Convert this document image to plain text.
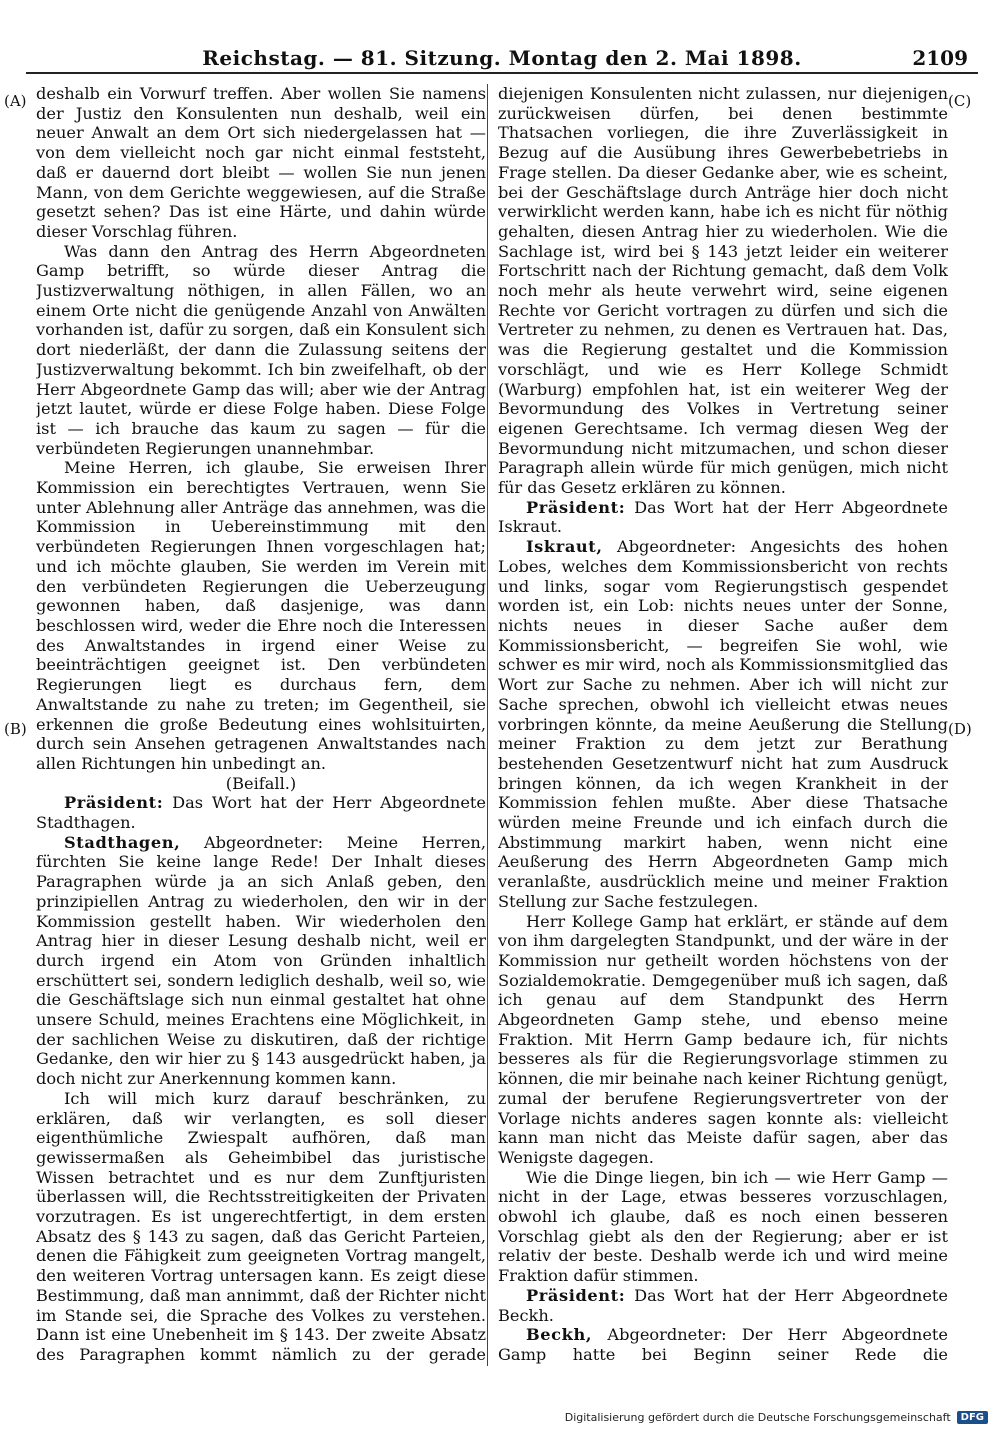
Reichstag. — 81. Sitzung. Montag den 2. Mai 1898.	2109
(A)
(B)
(C)
(D)

deshalb ein Vorwurf treffen. Aber wollen Sie namens der Justiz den Konsulenten nun deshalb, weil ein neuer Anwalt an dem Ort sich niedergelassen hat — von dem vielleicht noch gar nicht einmal feststeht, daß er dauernd dort bleibt — wollen Sie nun jenen Mann, von dem Gerichte weggewiesen, auf die Straße gesetzt sehen? Das ist eine Härte, und dahin würde dieser Vorschlag führen.

Was dann den Antrag des Herrn Abgeordneten Gamp betrifft, so würde dieser Antrag die Justizverwaltung nöthigen, in allen Fällen, wo an einem Orte nicht die genügende Anzahl von Anwälten vorhanden ist, dafür zu sorgen, daß ein Konsulent sich dort niederläßt, der dann die Zulassung seitens der Justizverwaltung bekommt. Ich bin zweifelhaft, ob der Herr Abgeordnete Gamp das will; aber wie der Antrag jetzt lautet, würde er diese Folge haben. Diese Folge ist — ich brauche das kaum zu sagen — für die verbündeten Regierungen unannehmbar.

Meine Herren, ich glaube, Sie erweisen Ihrer Kommission ein berechtigtes Vertrauen, wenn Sie unter Ablehnung aller Anträge das annehmen, was die Kommission in Uebereinstimmung mit den verbündeten Regierungen Ihnen vorgeschlagen hat; und ich möchte glauben, Sie werden im Verein mit den verbündeten Regierungen die Ueberzeugung gewonnen haben, daß dasjenige, was dann beschlossen wird, weder die Ehre noch die Interessen des Anwaltstandes in irgend einer Weise zu beeinträchtigen geeignet ist. Den verbündeten Regierungen liegt es durchaus fern, dem Anwaltstande zu nahe zu treten; im Gegentheil, sie erkennen die große Bedeutung eines wohlsituirten, durch sein Ansehen getragenen Anwaltstandes nach allen Richtungen hin unbedingt an.

(Beifall.)

Präsident: Das Wort hat der Herr Abgeordnete Stadthagen.

Stadthagen, Abgeordneter: Meine Herren, fürchten Sie keine lange Rede! Der Inhalt dieses Paragraphen würde ja an sich Anlaß geben, den prinzipiellen Antrag zu wiederholen, den wir in der Kommission gestellt haben. Wir wiederholen den Antrag hier in dieser Lesung deshalb nicht, weil er durch irgend ein Atom von Gründen inhaltlich erschüttert sei, sondern lediglich deshalb, weil so, wie die Geschäftslage sich nun einmal gestaltet hat ohne unsere Schuld, meines Erachtens eine Möglichkeit, in der sachlichen Weise zu diskutiren, daß der richtige Gedanke, den wir hier zu § 143 ausgedrückt haben, ja doch nicht zur Anerkennung kommen kann.

Ich will mich kurz darauf beschränken, zu erklären, daß wir verlangten, es soll dieser eigenthümliche Zwiespalt aufhören, daß man gewissermaßen als Geheimbibel das juristische Wissen betrachtet und es nur dem Zunftjuristen überlassen will, die Rechtsstreitigkeiten der Privaten vorzutragen. Es ist ungerechtfertigt, in dem ersten Absatz des § 143 zu sagen, daß das Gericht Parteien, denen die Fähigkeit zum geeigneten Vortrag mangelt, den weiteren Vortrag untersagen kann. Es zeigt diese Bestimmung, daß man annimmt, daß der Richter nicht im Stande sei, die Sprache des Volkes zu verstehen. Dann ist eine Unebenheit im § 143. Der zweite Absatz des Paragraphen kommt nämlich zu der gerade

diejenigen Konsulenten nicht zulassen, nur diejenigen zurückweisen dürfen, bei denen bestimmte Thatsachen vorliegen, die ihre Zuverlässigkeit in Bezug auf die Ausübung ihres Gewerbebetriebs in Frage stellen. Da dieser Gedanke aber, wie es scheint, bei der Geschäftslage durch Anträge hier doch nicht verwirklicht werden kann, habe ich es nicht für nöthig gehalten, diesen Antrag hier zu wiederholen. Wie die Sachlage ist, wird bei § 143 jetzt leider ein weiterer Fortschritt nach der Richtung gemacht, daß dem Volk noch mehr als heute verwehrt wird, seine eigenen Rechte vor Gericht vortragen zu dürfen und sich die Vertreter zu nehmen, zu denen es Vertrauen hat. Das, was die Regierung gestaltet und die Kommission vorschlägt, und wie es Herr Kollege Schmidt (Warburg) empfohlen hat, ist ein weiterer Weg der Bevormundung des Volkes in Vertretung seiner eigenen Gerechtsame. Ich vermag diesen Weg der Bevormundung nicht mitzumachen, und schon dieser Paragraph allein würde für mich genügen, mich nicht für das Gesetz erklären zu können.

Präsident: Das Wort hat der Herr Abgeordnete Iskraut.

Iskraut, Abgeordneter: Angesichts des hohen Lobes, welches dem Kommissionsbericht von rechts und links, sogar vom Regierungstisch gespendet worden ist, ein Lob: nichts neues unter der Sonne, nichts neues in dieser Sache außer dem Kommissionsbericht, — begreifen Sie wohl, wie schwer es mir wird, noch als Kommissionsmitglied das Wort zur Sache zu nehmen. Aber ich will nicht zur Sache sprechen, obwohl ich vielleicht etwas neues vorbringen könnte, da meine Aeußerung die Stellung meiner Fraktion zu dem jetzt zur Berathung bestehenden Gesetzentwurf nicht hat zum Ausdruck bringen können, da ich wegen Krankheit in der Kommission fehlen mußte. Aber diese Thatsache würden meine Freunde und ich einfach durch die Abstimmung markirt haben, wenn nicht eine Aeußerung des Herrn Abgeordneten Gamp mich veranlaßte, ausdrücklich meine und meiner Fraktion Stellung zur Sache festzulegen.

Herr Kollege Gamp hat erklärt, er stände auf dem von ihm dargelegten Standpunkt, und der wäre in der Kommission nur getheilt worden höchstens von der Sozialdemokratie. Demgegenüber muß ich sagen, daß ich genau auf dem Standpunkt des Herrn Abgeordneten Gamp stehe, und ebenso meine Fraktion. Mit Herrn Gamp bedaure ich, für nichts besseres als für die Regierungsvorlage stimmen zu können, die mir beinahe nach keiner Richtung genügt, zumal der berufene Regierungsvertreter von der Vorlage nichts anderes sagen konnte als: vielleicht kann man nicht das Meiste dafür sagen, aber das Wenigste dagegen.

Wie die Dinge liegen, bin ich — wie Herr Gamp — nicht in der Lage, etwas besseres vorzuschlagen, obwohl ich glaube, daß es noch einen besseren Vorschlag giebt als den der Regierung; aber er ist relativ der beste. Deshalb werde ich und wird meine Fraktion dafür stimmen.

Präsident: Das Wort hat der Herr Abgeordnete Beckh.

Beckh, Abgeordneter: Der Herr Abgeordnete Gamp hatte bei Beginn seiner Rede die

Digitalisierung gefördert durch die Deutsche Forschungsgemeinschaft	DFG
